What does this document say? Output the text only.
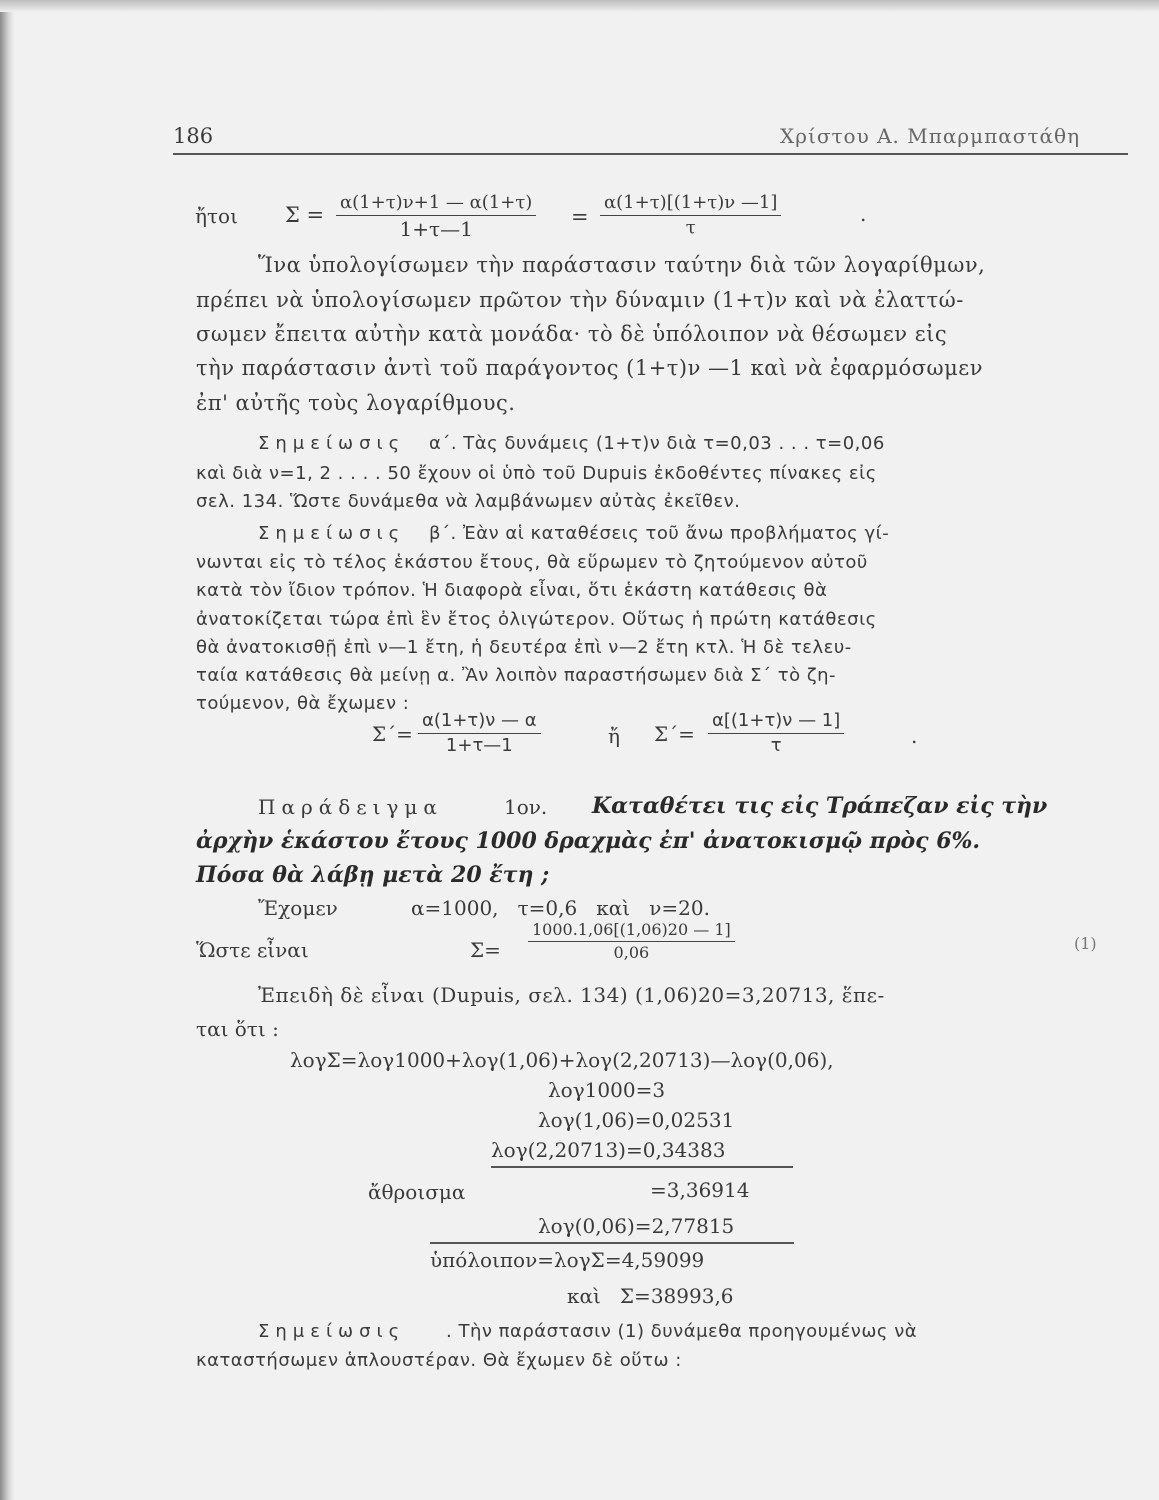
186	Χρίστου Α. Μπαρμπαστάθη
ἤτοι $\Sigma = \frac{\alpha(1+\tau)\nu+1 — \alpha(1+\tau)}{1+\tau—1} = \frac{\alpha(1+\tau)[(1+\tau)\nu —1]}{\tau}$	.
Ἵνα ὑπολογίσωμεν τὴν παράστασιν ταύτην διὰ τῶν λογαρίθμων,
πρέπει νὰ ὑπολογίσωμεν πρῶτον τὴν δύναμιν (1+τ)ν καὶ νὰ ἐλαττώ-
σωμεν ἔπειτα αὐτὴν κατὰ μονάδα· τὸ δὲ ὑπόλοιπον νὰ θέσωμεν εἰς
τὴν παράστασιν ἀντὶ τοῦ παράγοντος (1+τ)ν —1 καὶ νὰ ἐφαρμόσωμεν
ἐπ' αὐτῆς τοὺς λογαρίθμους.
Σημείωσις α΄. Τὰς δυνάμεις (1+τ)ν διὰ τ=0,03 . . . τ=0,06
καὶ διὰ ν=1, 2 . . . . 50 ἔχουν οἱ ὑπὸ τοῦ Dupuis ἐκδοθέντες πίνακες εἰς
σελ. 134. Ὥστε δυνάμεθα νὰ λαμβάνωμεν αὐτὰς ἐκεῖθεν.
Σημείωσις β΄. Ἐὰν αἱ καταθέσεις τοῦ ἄνω προβλήματος γί-
νωνται εἰς τὸ τέλος ἑκάστου ἔτους, θὰ εὕρωμεν τὸ ζητούμενον αὐτοῦ
κατὰ τὸν ἴδιον τρόπον. Ἡ διαφορὰ εἶναι, ὅτι ἑκάστη κατάθεσις θὰ
ἀνατοκίζεται τώρα ἐπὶ ἓν ἔτος ὀλιγώτερον. Οὕτως ἡ πρώτη κατάθεσις
θὰ ἀνατοκισθῇ ἐπὶ ν—1 ἔτη, ἡ δευτέρα ἐπὶ ν—2 ἔτη κτλ. Ἡ δὲ τελευ-
ταία κατάθεσις θὰ μείνῃ α. Ἂν λοιπὸν παραστήσωμεν διὰ Σ΄ τὸ ζη-
τούμενον, θὰ ἔχωμεν :
$\Sigma΄= \frac{\alpha(1+\tau)\nu — \alpha}{1+\tau—1}$	ἤ $\Sigma΄= \frac{\alpha[(1+\tau)\nu — 1]}{\tau}$	.
Παράδειγμα	1ον. Καταθέτει τις εἰς Τράπεζαν εἰς τὴν
ἀρχὴν ἑκάστου ἔτους 1000 δραχμὰς ἐπ' ἀνατοκισμῷ πρὸς 6%.
Πόσα θὰ λάβῃ μετὰ 20 ἔτη ;
Ἔχομεν	α=1000,   τ=0,6   καὶ   ν=20.
Ὥστε εἶναι	$\Sigma= \frac{1000.1,06[(1,06)20 — 1]}{0,06}$	(1)
Ἐπειδὴ δὲ εἶναι (Dupuis, σελ. 134) (1,06)20=3,20713, ἕπε-
ται ὅτι :
λογΣ=λογ1000+λογ(1,06)+λογ(2,20713)—λογ(0,06),
λογ1000=3
λογ(1,06)=0,02531
λογ(2,20713)=0,34383
ἄθροισμα	=3,36914
λογ(0,06)=2,77815
ὑπόλοιπον=λογΣ=4,59099
καὶ   Σ=38993,6
Σημείωσις . Τὴν παράστασιν (1) δυνάμεθα προηγουμένως νὰ
καταστήσωμεν ἁπλουστέραν. Θὰ ἔχωμεν δὲ οὕτω :
